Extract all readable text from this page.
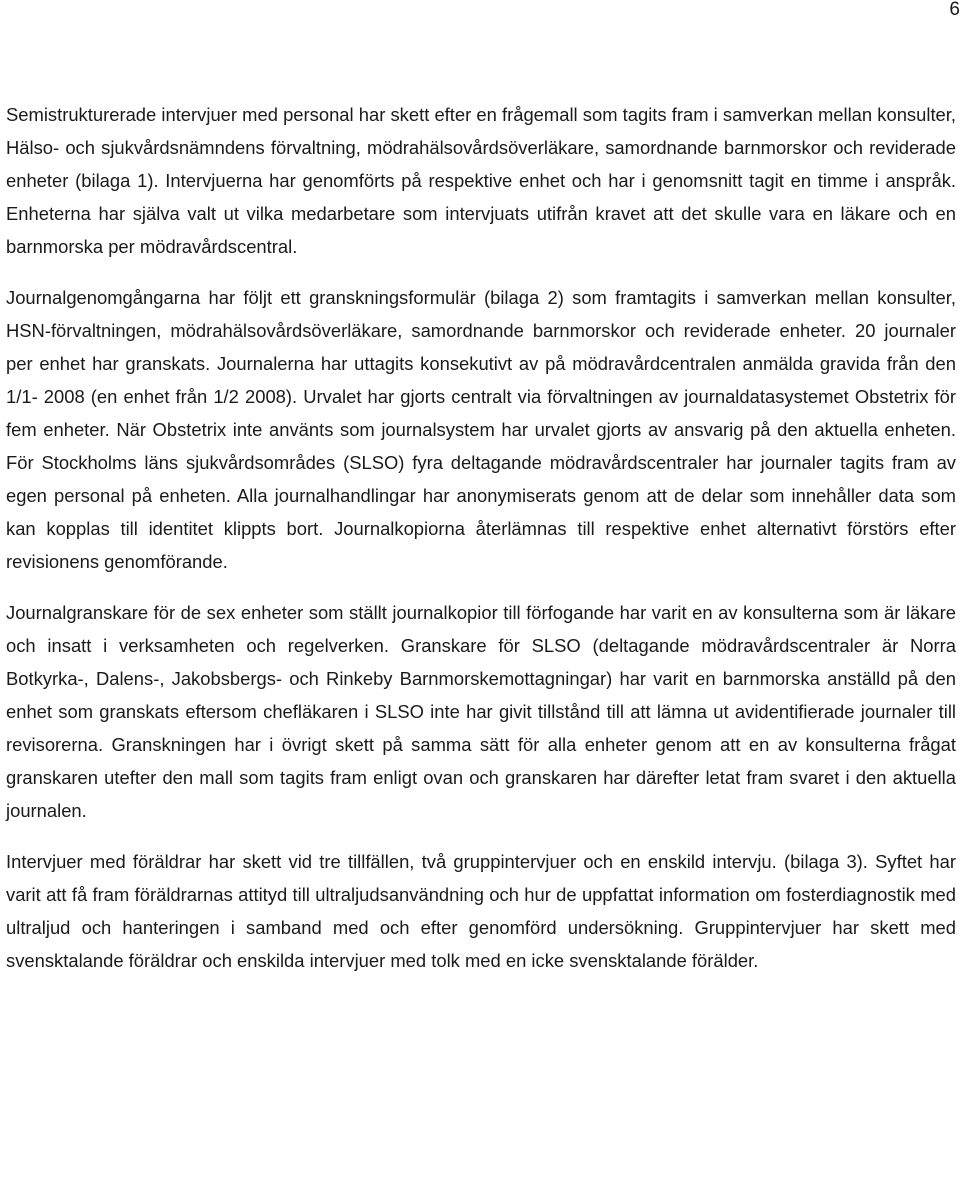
6

Semistrukturerade intervjuer med personal har skett efter en frågemall som tagits fram i samverkan mellan konsulter, Hälso- och sjukvårdsnämndens förvaltning, mödrahälsovårdsöverläkare, samordnande barnmorskor och reviderade enheter (bilaga 1). Intervjuerna har genomförts på respektive enhet och har i genomsnitt tagit en timme i anspråk. Enheterna har själva valt ut vilka medarbetare som intervjuats utifrån kravet att det skulle vara en läkare och en barnmorska per mödravårdscentral.

Journalgenomgångarna har följt ett granskningsformulär (bilaga 2) som framtagits i samverkan mellan konsulter, HSN-förvaltningen, mödrahälsovårdsöverläkare, samordnande barnmorskor och reviderade enheter. 20 journaler per enhet har granskats. Journalerna har uttagits konsekutivt av på mödravårdcentralen anmälda gravida från den 1/1- 2008 (en enhet från 1/2 2008). Urvalet har gjorts centralt via förvaltningen av journaldatasystemet Obstetrix för fem enheter. När Obstetrix inte använts som journalsystem har urvalet gjorts av ansvarig på den aktuella enheten. För Stockholms läns sjukvårdsområdes (SLSO) fyra deltagande mödravårdscentraler har journaler tagits fram av egen personal på enheten. Alla journalhandlingar har anonymiserats genom att de delar som innehåller data som kan kopplas till identitet klippts bort. Journalkopiorna återlämnas till respektive enhet alternativt förstörs efter revisionens genomförande.

Journalgranskare för de sex enheter som ställt journalkopior till förfogande har varit en av konsulterna som är läkare och insatt i verksamheten och regelverken. Granskare för SLSO (deltagande mödravårdscentraler är Norra Botkyrka-, Dalens-, Jakobsbergs- och Rinkeby Barnmorskemottagningar) har varit en barnmorska anställd på den enhet som granskats eftersom chefläkaren i SLSO inte har givit tillstånd till att lämna ut avidentifierade journaler till revisorerna. Granskningen har i övrigt skett på samma sätt för alla enheter genom att en av konsulterna frågat granskaren utefter den mall som tagits fram enligt ovan och granskaren har därefter letat fram svaret i den aktuella journalen.

Intervjuer med föräldrar har skett vid tre tillfällen, två gruppintervjuer och en enskild intervju. (bilaga 3). Syftet har varit att få fram föräldrarnas attityd till ultraljudsanvändning och hur de uppfattat information om fosterdiagnostik med ultraljud och hanteringen i samband med och efter genomförd undersökning. Gruppintervjuer har skett med svensktalande föräldrar och enskilda intervjuer med tolk med en icke svensktalande förälder.
